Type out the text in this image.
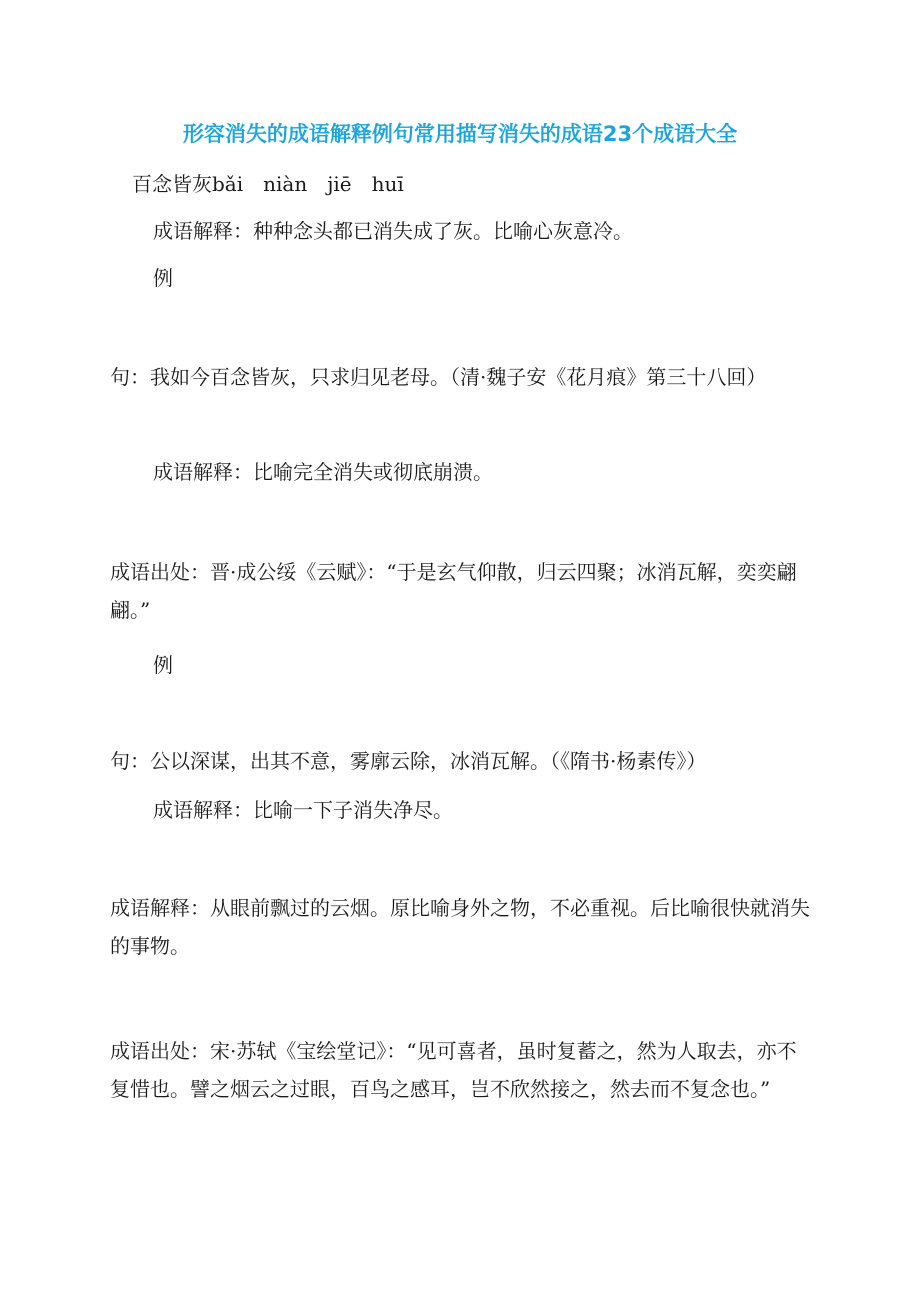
形容消失的成语解释例句常用描写消失的成语23个成语大全
百念皆灰bǎi　niàn　jiē　huī
成语解释：种种念头都已消失成了灰。比喻心灰意冷。
例
句：我如今百念皆灰，只求归见老母。（清·魏子安《花月痕》第三十八回）
成语解释：比喻完全消失或彻底崩溃。
成语出处：晋·成公绥《云赋》：“于是玄气仰散，归云四聚；冰消瓦解，奕奕翩翩。”
例
句：公以深谋，出其不意，雾廓云除，冰消瓦解。（《隋书·杨素传》）
成语解释：比喻一下子消失净尽。
成语解释：从眼前飘过的云烟。原比喻身外之物，不必重视。后比喻很快就消失的事物。
成语出处：宋·苏轼《宝绘堂记》：“见可喜者，虽时复蓄之，然为人取去，亦不复惜也。譬之烟云之过眼，百鸟之感耳，岂不欣然接之，然去而不复念也。”
